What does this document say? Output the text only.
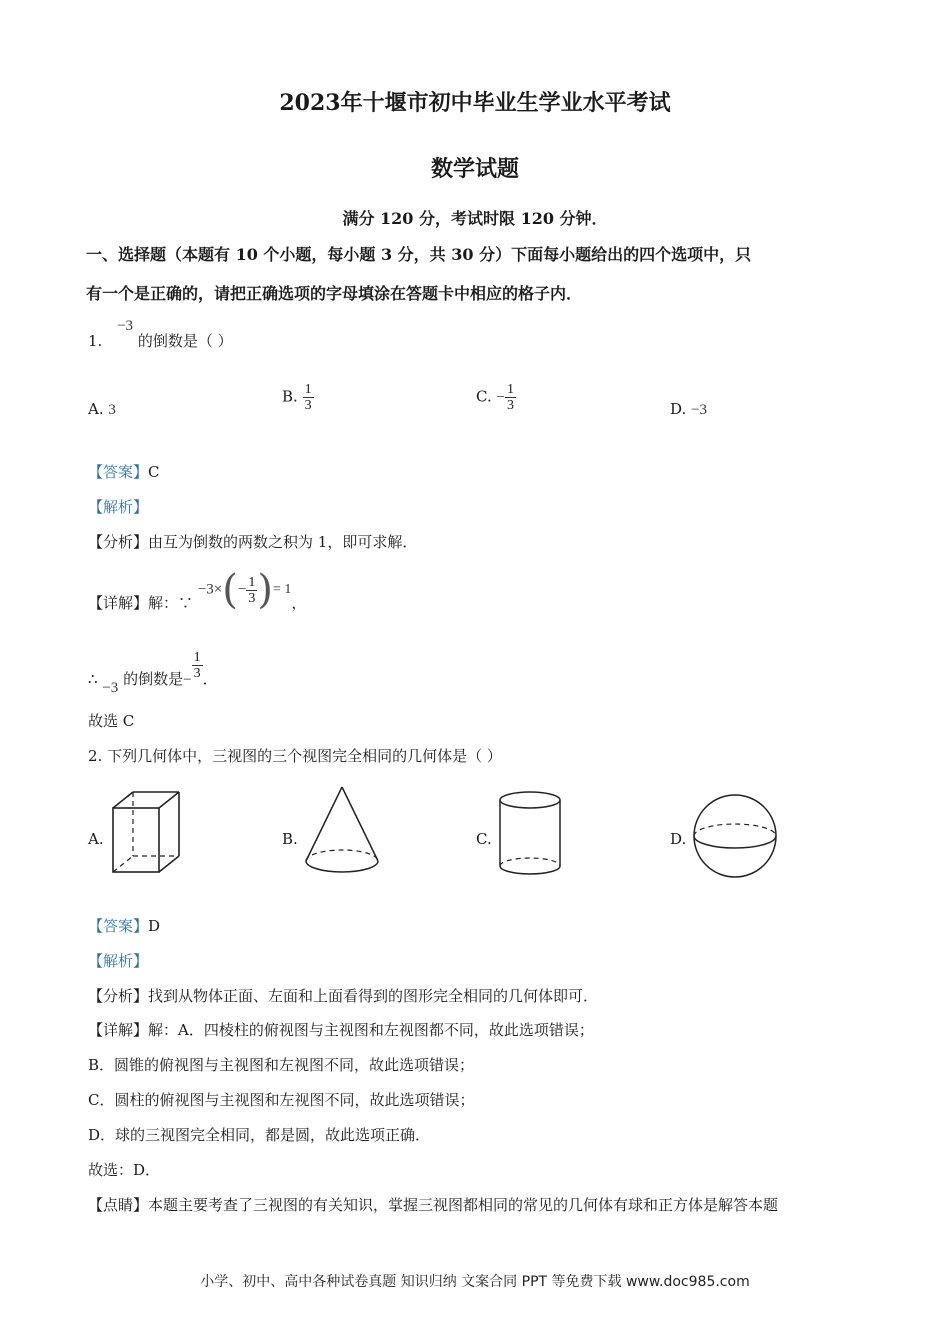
2023年十堰市初中毕业生学业水平考试
数学试题
满分 120 分，考试时限 120 分钟．
一、选择题（本题有 10 个小题，每小题 3 分，共 30 分）下面每小题给出的四个选项中，只
有一个是正确的，请把正确选项的字母填涂在答题卡中相应的格子内．
1. −3 的倒数是（ ）
A. 3
B. $\frac{1}{3}$	C. − $\frac{1}{3}$	D. −3
【答案】C
【解析】
【分析】由互为倒数的两数之积为 1，即可求解．
【详解】解：∵ $-3\times(- \frac{1}{3}$ )= 1，
∴ −3 的倒数是− $\frac{1}{3}$ ．
故选 C
2. 下列几何体中，三视图的三个视图完全相同的几何体是（ ）
A.	B.	C.	D.
【答案】D
【解析】
【分析】找到从物体正面、左面和上面看得到的图形完全相同的几何体即可．
【详解】解：A．四棱柱的俯视图与主视图和左视图都不同，故此选项错误；
B．圆锥的俯视图与主视图和左视图不同，故此选项错误；
C．圆柱的俯视图与主视图和左视图不同，故此选项错误；
D．球的三视图完全相同，都是圆，故此选项正确．
故选：D．
【点睛】本题主要考查了三视图的有关知识，掌握三视图都相同的常见的几何体有球和正方体是解答本题
小学、初中、高中各种试卷真题 知识归纳 文案合同 PPT 等免费下载 www.doc985.com
